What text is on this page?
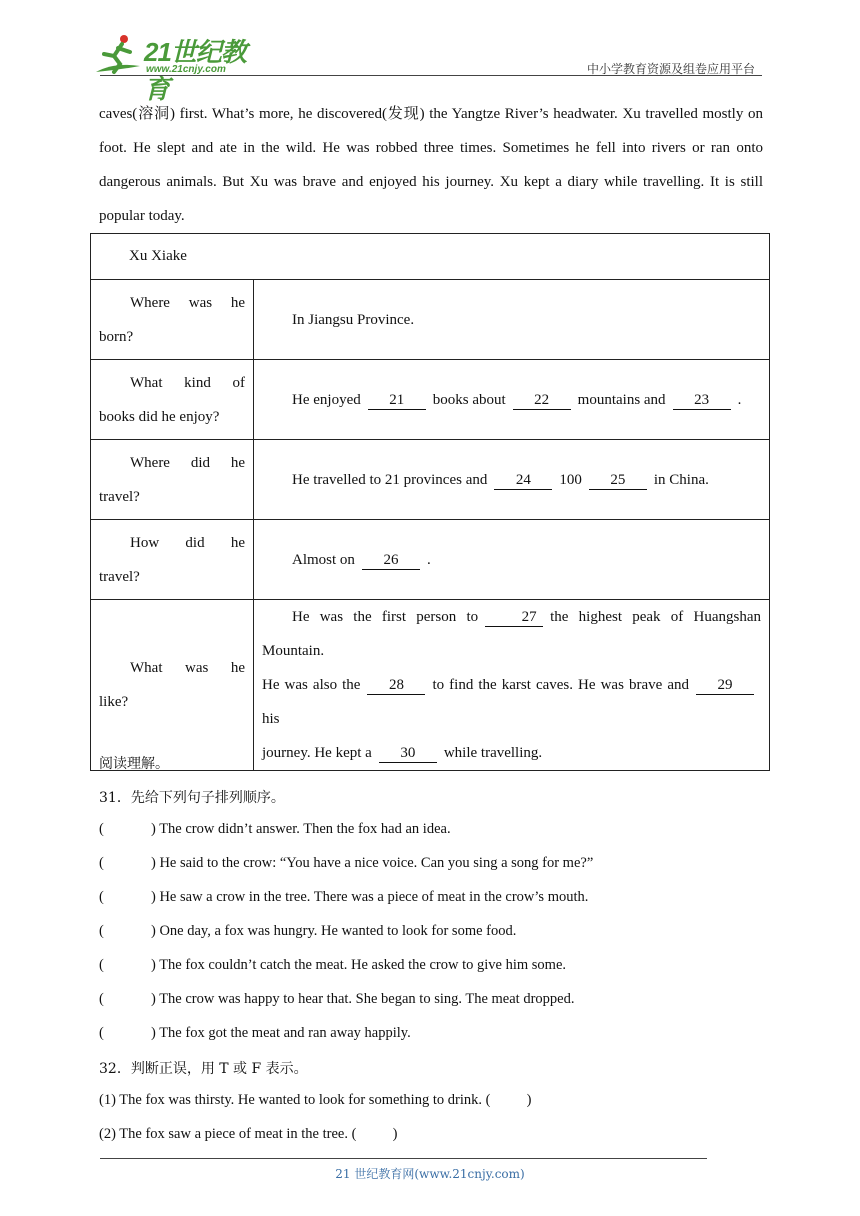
21世纪教育
www.21cnjy.com	中小学教育资源及组卷应用平台
caves(溶洞) first. What’s more, he discovered(发现) the Yangtze River’s headwater. Xu travelled mostly on foot. He slept and ate in the wild. He was robbed three times. Sometimes he fell into rivers or ran onto dangerous animals. But Xu was brave and enjoyed his journey. Xu kept a diary while travelling. It is still popular today.
Xu Xiake	

Where was he
born?	In Jiangsu Province.

What kind of
books did he enjoy?	He enjoyed 21 books about 22 mountains and 23 .

Where did he
travel?	He travelled to 21 provinces and 24 100 25 in China.

How did he
travel?	Almost on 26 .

What was he
like?	He was the first person to 27 the highest peak of Huangshan Mountain.
He was also the 28 to find the karst caves. He was brave and 29his
journey. He kept a 30 while travelling.
阅读理解。
31．先给下列句子排列顺序。
(	) The crow didn’t answer. Then the fox had an idea.
(	) He said to the crow: “You have a nice voice. Can you sing a song for me?”
(	) He saw a crow in the tree. There was a piece of meat in the crow’s mouth.
(	) One day, a fox was hungry. He wanted to look for some food.
(	) The fox couldn’t catch the meat. He asked the crow to give him some.
(	) The crow was happy to hear that. She began to sing. The meat dropped.
(	) The fox got the meat and ran away happily.
32．判断正误，用 T 或 F 表示。
(1) The fox was thirsty. He wanted to look for something to drink. (          )
(2) The fox saw a piece of meat in the tree. (          )
21 世纪教育网(www.21cnjy.com)
